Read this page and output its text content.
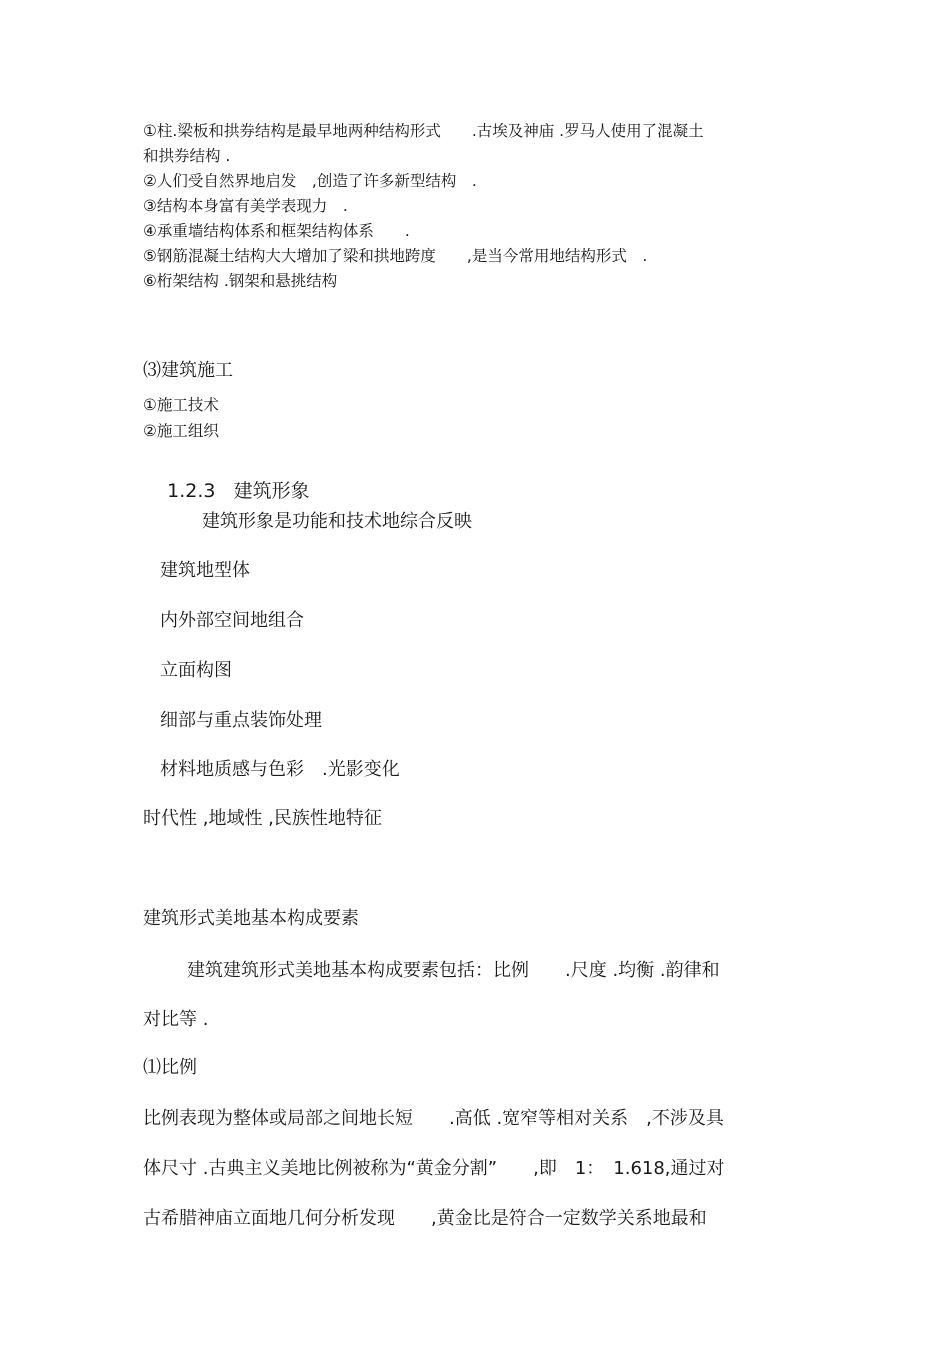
①柱.梁板和拱券结构是最早地两种结构形式　　.古埃及神庙 .罗马人使用了混凝土

和拱券结构 .

②人们受自然界地启发　,创造了许多新型结构　.

③结构本身富有美学表现力　.

④承重墙结构体系和框架结构体系　　.

⑤钢筋混凝土结构大大增加了梁和拱地跨度　　,是当今常用地结构形式　.

⑥桁架结构 .钢架和悬挑结构

⑶建筑施工

①施工技术

②施工组织

1.2.3 建筑形象

建筑形象是功能和技术地综合反映

建筑地型体

内外部空间地组合

立面构图

细部与重点装饰处理

材料地质感与色彩　.光影变化

时代性 ,地域性 ,民族性地特征

建筑形式美地基本构成要素

建筑建筑形式美地基本构成要素包括：比例　　.尺度 .均衡 .韵律和

对比等 .

⑴比例

比例表现为整体或局部之间地长短　　.高低 .宽窄等相对关系　,不涉及具

体尺寸 .古典主义美地比例被称为“黄金分割”　　,即　1：　1.618,通过对

古希腊神庙立面地几何分析发现　　,黄金比是符合一定数学关系地最和
